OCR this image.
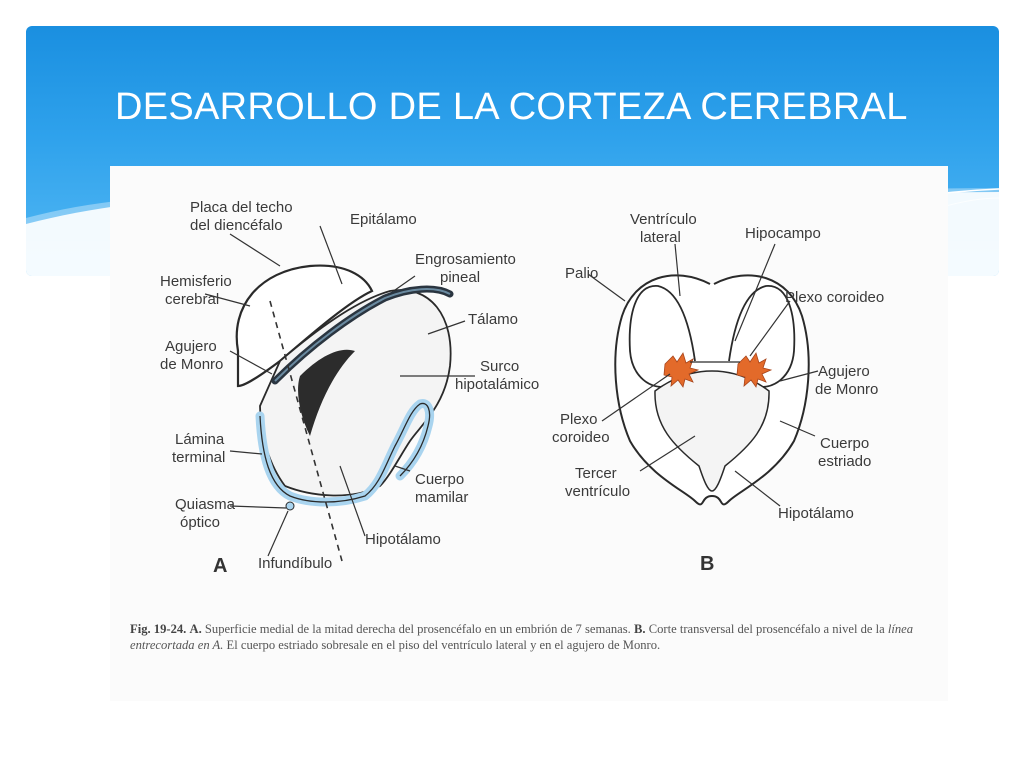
DESARROLLO DE LA CORTEZA CEREBRAL
Placa del techo
del diencéfalo	Epitálamo
Engrosamiento
pineal
Hemisferio
cerebral
Tálamo
Agujero
de Monro	Surco
hipotalámico
Lámina
terminal
Cuerpo
mamilar
Quiasma
óptico
Hipotálamo
Infundíbulo
A
Ventrículo
lateral	Hipocampo
Palio
Plexo coroideo
Agujero
de Monro
Plexo
coroideo	Cuerpo
estriado
Tercer
ventrículo
Hipotálamo
B
Fig. 19-24. A. Superficie medial de la mitad derecha del prosencéfalo en un embrión de 7 semanas. B. Corte transversal del prosencéfalo a nivel de la línea entrecortada en A. El cuerpo estriado sobresale en el piso del ventrículo lateral y en el agujero de Monro.
